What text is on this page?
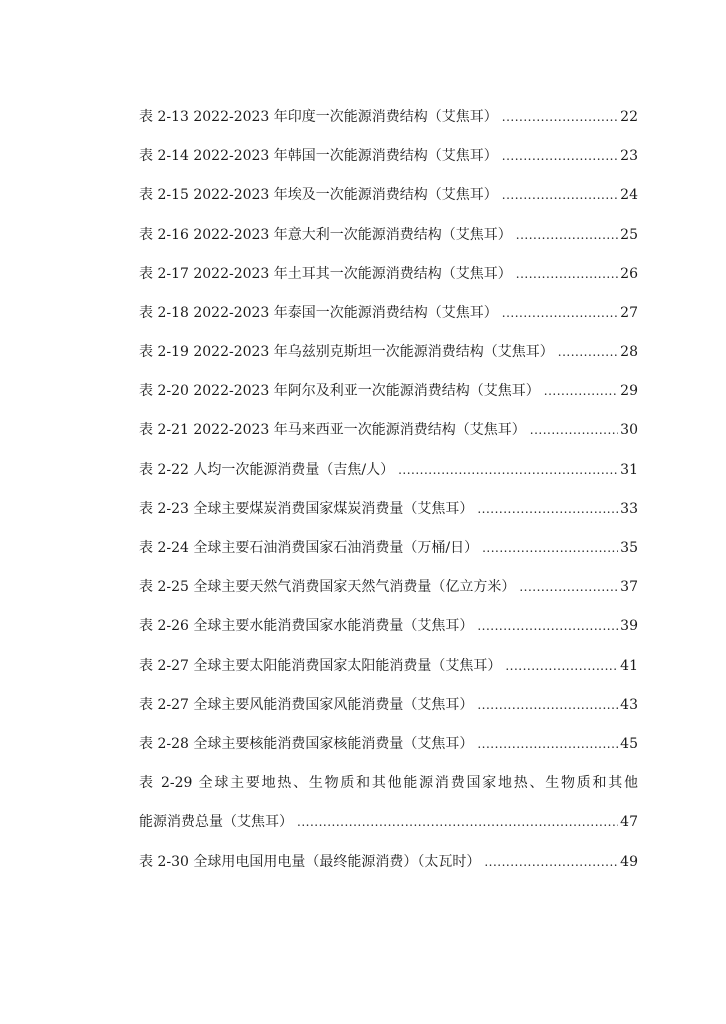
表 2-13 2022-2023 年印度一次能源消费结构（艾焦耳） .....	22
表 2-14 2022-2023 年韩国一次能源消费结构（艾焦耳） .....	23
表 2-15 2022-2023 年埃及一次能源消费结构（艾焦耳） .....	24
表 2-16 2022-2023 年意大利一次能源消费结构（艾焦耳） .....	25
表 2-17 2022-2023 年土耳其一次能源消费结构（艾焦耳） .....	26
表 2-18 2022-2023 年泰国一次能源消费结构（艾焦耳） .....	27
表 2-19 2022-2023 年乌兹别克斯坦一次能源消费结构（艾焦耳） .....	28
表 2-20 2022-2023 年阿尔及利亚一次能源消费结构（艾焦耳） .....	29
表 2-21 2022-2023 年马来西亚一次能源消费结构（艾焦耳） .....	30
表 2-22 人均一次能源消费量（吉焦/人） .....	31
表 2-23 全球主要煤炭消费国家煤炭消费量（艾焦耳） .....	33
表 2-24 全球主要石油消费国家石油消费量（万桶/日） .....	35
表 2-25 全球主要天然气消费国家天然气消费量（亿立方米） .....	37
表 2-26 全球主要水能消费国家水能消费量（艾焦耳） .....	39
表 2-27 全球主要太阳能消费国家太阳能消费量（艾焦耳） .....	41
表 2-27 全球主要风能消费国家风能消费量（艾焦耳） .....	43
表 2-28 全球主要核能消费国家核能消费量（艾焦耳） .....	45
表 2-29 全球主要地热、生物质和其他能源消费国家地热、生物质和其他
能源消费总量（艾焦耳） .....	47
表 2-30 全球用电国用电量（最终能源消费）（太瓦时） .....	49
